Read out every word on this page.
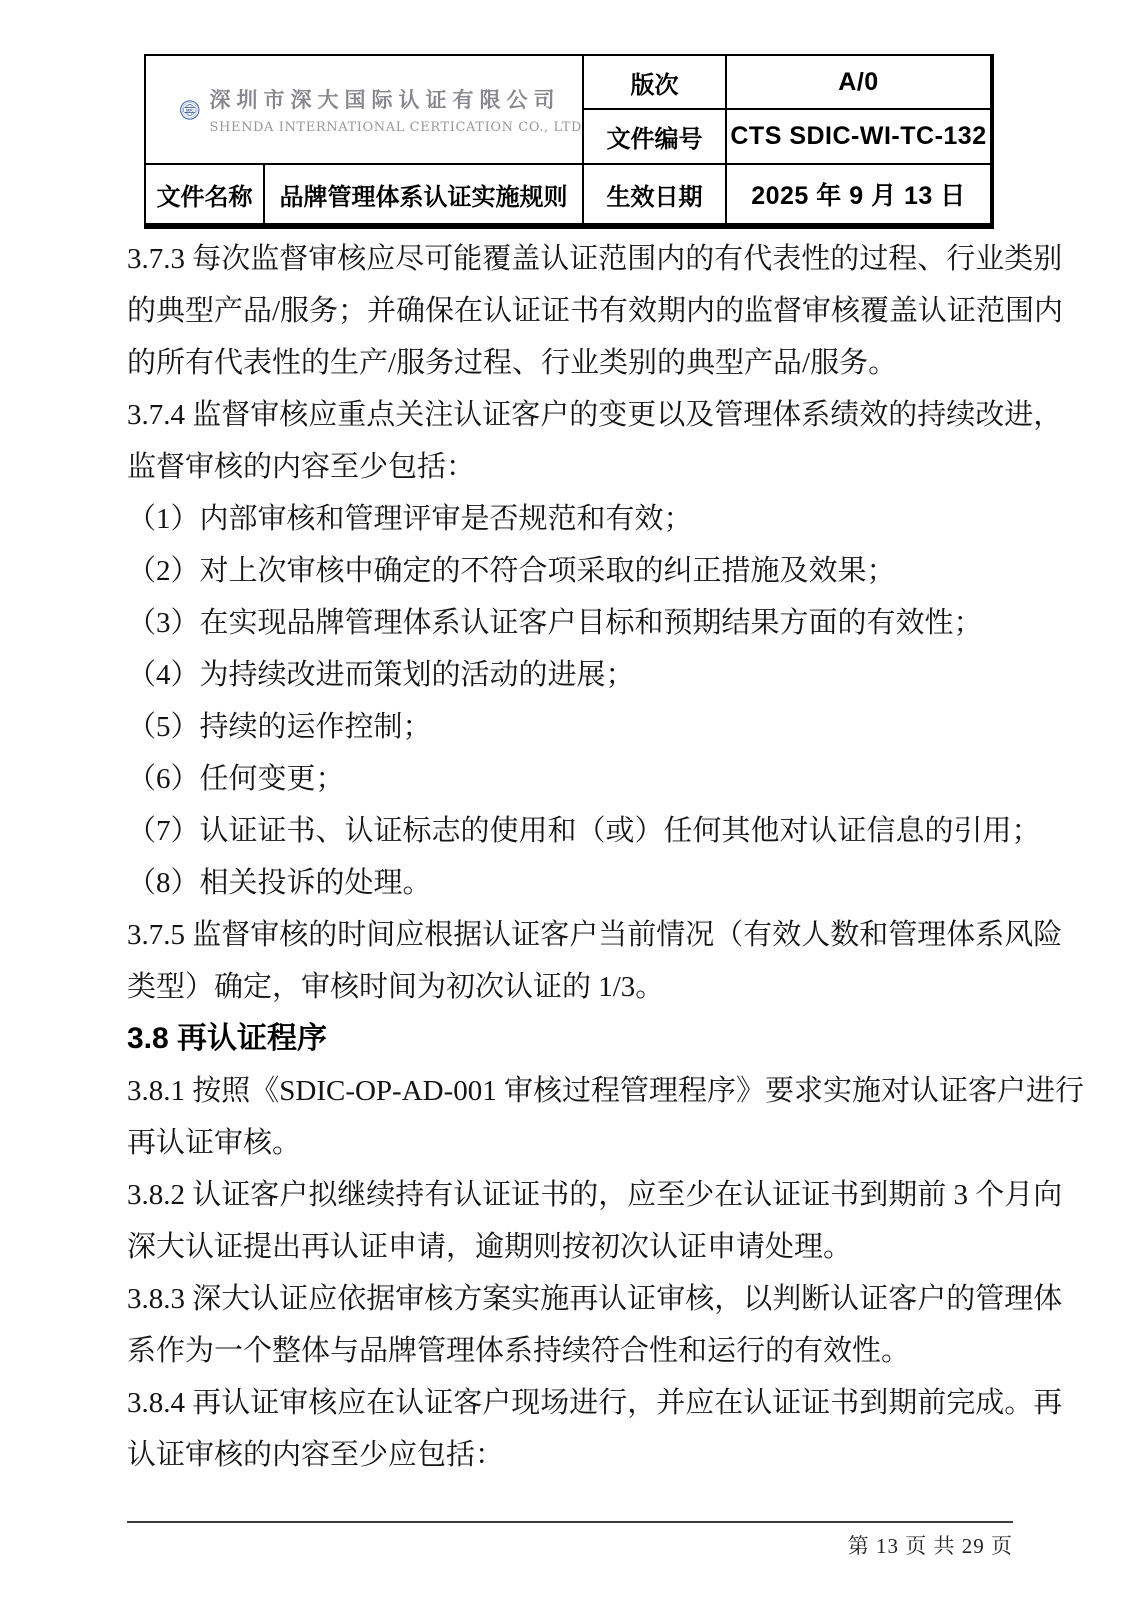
SDIC 深圳市深大国际认证有限公司
SHENDA INTERNATIONAL CERTICATION CO., LTD
版次	A/0
文件编号	CTS SDIC-WI-TC-132
文件名称	品牌管理体系认证实施规则	生效日期	2025 年 9 月 13 日
3.7.3 每次监督审核应尽可能覆盖认证范围内的有代表性的过程、行业类别
的典型产品/服务；并确保在认证证书有效期内的监督审核覆盖认证范围内
的所有代表性的生产/服务过程、行业类别的典型产品/服务。
3.7.4 监督审核应重点关注认证客户的变更以及管理体系绩效的持续改进，
监督审核的内容至少包括：
（1）内部审核和管理评审是否规范和有效；
（2）对上次审核中确定的不符合项采取的纠正措施及效果；
（3）在实现品牌管理体系认证客户目标和预期结果方面的有效性；
（4）为持续改进而策划的活动的进展；
（5）持续的运作控制；
（6）任何变更；
（7）认证证书、认证标志的使用和（或）任何其他对认证信息的引用；
（8）相关投诉的处理。
3.7.5 监督审核的时间应根据认证客户当前情况（有效人数和管理体系风险
类型）确定，审核时间为初次认证的 1/3。
3.8 再认证程序
3.8.1 按照《SDIC-OP-AD-001 审核过程管理程序》要求实施对认证客户进行
再认证审核。
3.8.2 认证客户拟继续持有认证证书的，应至少在认证证书到期前 3 个月向
深大认证提出再认证申请，逾期则按初次认证申请处理。
3.8.3 深大认证应依据审核方案实施再认证审核，以判断认证客户的管理体
系作为一个整体与品牌管理体系持续符合性和运行的有效性。
3.8.4 再认证审核应在认证客户现场进行，并应在认证证书到期前完成。再
认证审核的内容至少应包括：
第 13 页 共 29 页
